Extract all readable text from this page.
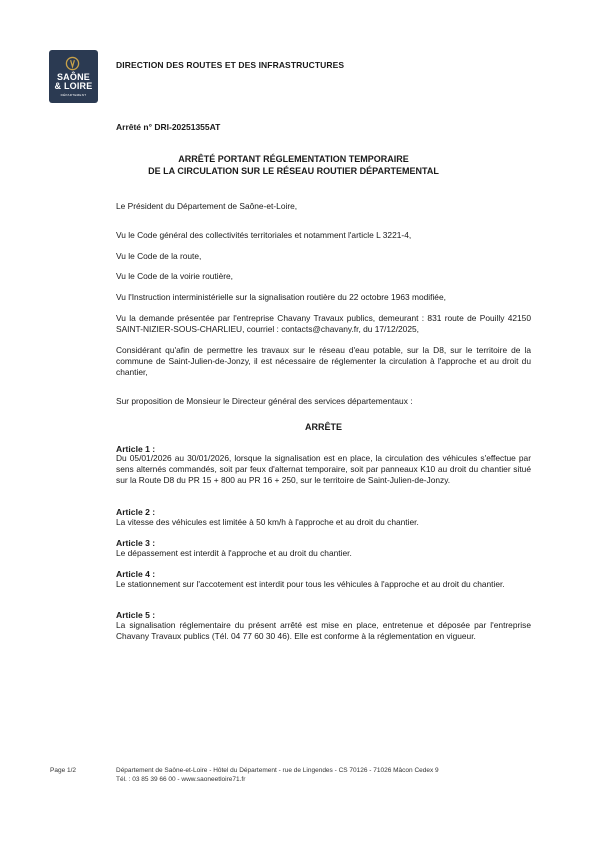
SAÔNE
& LOIRE
DÉPARTEMENT
DIRECTION DES ROUTES ET DES INFRASTRUCTURES
Arrêté n° DRI-20251355AT
ARRÊTÉ PORTANT RÉGLEMENTATION TEMPORAIRE
DE LA CIRCULATION SUR LE RÉSEAU ROUTIER DÉPARTEMENTAL
Le Président du Département de Saône-et-Loire,
Vu le Code général des collectivités territoriales et notamment l'article L 3221-4,
Vu le Code de la route,
Vu le Code de la voirie routière,
Vu l'Instruction interministérielle sur la signalisation routière du 22 octobre 1963 modifiée,
Vu la demande présentée par l'entreprise Chavany Travaux publics, demeurant : 831 route de Pouilly 42150 SAINT-NIZIER-SOUS-CHARLIEU, courriel : contacts@chavany.fr, du 17/12/2025,
Considérant qu'afin de permettre les travaux sur le réseau d'eau potable, sur la D8, sur le territoire de la commune de Saint-Julien-de-Jonzy, il est nécessaire de réglementer la circulation à l'approche et au droit du chantier,
Sur proposition de Monsieur le Directeur général des services départementaux :
ARRÊTE
Article 1 :
Du 05/01/2026 au 30/01/2026, lorsque la signalisation est en place, la circulation des véhicules s'effectue par sens alternés commandés, soit par feux d'alternat temporaire, soit par panneaux K10 au droit du chantier situé sur la Route D8 du PR 15 + 800 au PR 16 + 250, sur le territoire de Saint-Julien-de-Jonzy.
Article 2 :
La vitesse des véhicules est limitée à 50 km/h à l'approche et au droit du chantier.
Article 3 :
Le dépassement est interdit à l'approche et au droit du chantier.
Article 4 :
Le stationnement sur l'accotement est interdit pour tous les véhicules à l'approche et au droit du chantier.
Article 5 :
La signalisation réglementaire du présent arrêté est mise en place, entretenue et déposée par l'entreprise Chavany Travaux publics (Tél. 04 77 60 30 46). Elle est conforme à la réglementation en vigueur.
Page 1/2	Département de Saône-et-Loire - Hôtel du Département - rue de Lingendes - CS 70126 - 71026 Mâcon Cedex 9
Tél. : 03 85 39 66 00 - www.saoneetloire71.fr
